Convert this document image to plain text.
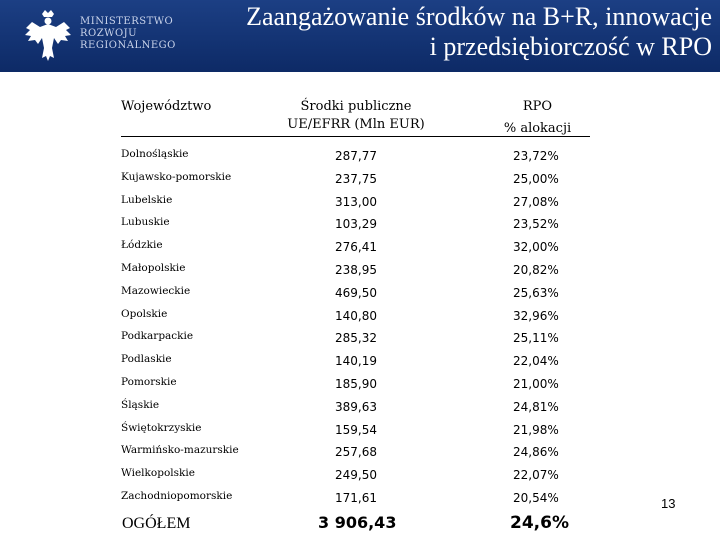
MINISTERSTWO
ROZWOJU
REGIONALNEGO
Zaangażowanie środków na B+R, innowacje
i przedsiębiorczość w RPO
Województwo	Środki publiczne
UE/EFRR (Mln EUR)
RPO
% alokacji
Dolnośląskie	287,77	23,72%
Kujawsko-pomorskie	237,75	25,00%
Lubelskie	313,00	27,08%
Lubuskie	103,29	23,52%
Łódzkie	276,41	32,00%
Małopolskie	238,95	20,82%
Mazowieckie	469,50	25,63%
Opolskie	140,80	32,96%
Podkarpackie	285,32	25,11%
Podlaskie	140,19	22,04%
Pomorskie	185,90	21,00%
Śląskie	389,63	24,81%
Świętokrzyskie	159,54	21,98%
Warmińsko-mazurskie	257,68	24,86%
Wielkopolskie	249,50	22,07%
Zachodniopomorskie	171,61	20,54%
OGÓŁEM	3 906,43	24,6%
13
